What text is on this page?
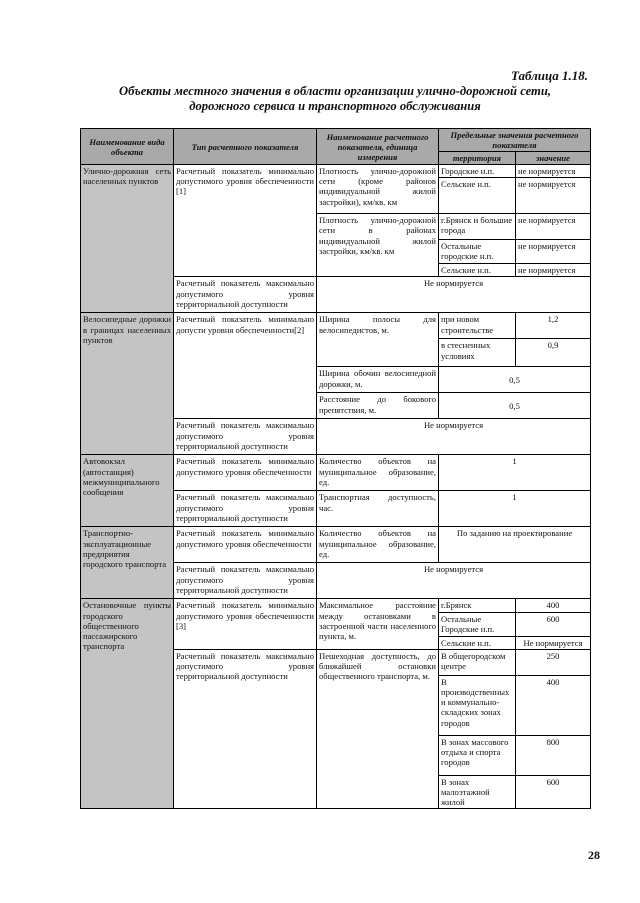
Таблица 1.18.
Объекты местного значения в области организации улично-дорожной сети,
дорожного сервиса и транспортного обслуживания
Наименование вида объекта	Тип расчетного показателя	Наименование расчетного показателя, единица измерения	Предельные значения расчетного показателя	
			территория	значение
Улично-дорожная сеть населенных пунктов	Расчетный показатель минимально допустимого уровня обеспеченности [1]	Плотность улично-дорожной сети (кроме районов индивидуальной жилой застройки), км/кв. км	Городские н.п.	не нормируется
			Сельские н.п.	не нормируется
		Плотность улично-дорожной сети в районах индивидуальной жилой застройки, км/кв. км	г.Брянск и большие города	не нормируется
			Остальные городские н.п.	не нормируется
			Сельские н.п.	не нормируется

	Расчетный показатель максимально допустимого уровня территориальной доступности	Не нормируется		
Велосипедные дорожки в границах населенных пунктов	Расчетный показатель минимально допусти уровня обеспеченности[2]	Ширина полосы для велосипедистов, м.	при новом строительстве	1,2
			в стесненных условиях	0,9
		Ширина обочин велосипедной дорожки, м.	0,5	
		Расстояние до бокового препятствия, м.	0,5	
	Расчетный показатель максимально допустимого уровня территориальной доступности	Не нормируется		
Автовокзал (автостанция) межмуниципального сообщения	Расчетный показатель минимально допустимого уровня обеспеченности	Количество объектов на муниципальное образование, ед.	1	
	Расчетный показатель максимально допустимого уровня территориальной доступности	Транспортная доступность, час.	1	
Транспортно-эксплуатационные предприятия городского транспорта	Расчетный показатель минимально допустимого уровня обеспеченности	Количество объектов на муниципальное образование, ед.	По заданию на проектирование	
	Расчетный показатель максимально допустимого уровня территориальной доступности	Не нормируется		
Остановочные пункты городского общественного пассажирского транспорта	Расчетный показатель минимально допустимого уровня обеспеченности [3]	Максимальное расстояние между остановками в застроенной части населенного пункта, м.	г.Брянск	400
			Остальные Городские н.п.	600
			Сельские н.п.	Не нормируется
	Расчетный показатель максимально допустимого уровня территориальной доступности	Пешеходная доступность, до ближайшей остановки общественного транспорта, м.	В общегородском центре	250
			В производственных и коммунально-складских зонах городов	400
			В зонах массового отдыха и спорта городов	800
			В зонах малоэтажной жилой	600
28
